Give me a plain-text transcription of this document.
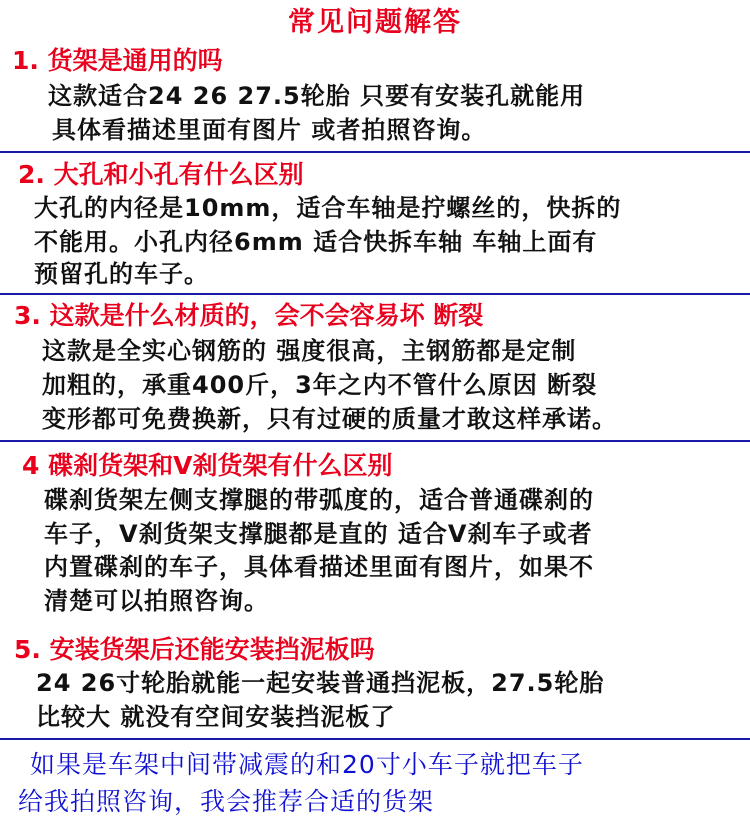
常见问题解答
1. 货架是通用的吗
这款适合24 26 27.5轮胎 只要有安装孔就能用
具体看描述里面有图片 或者拍照咨询。
2. 大孔和小孔有什么区别
大孔的内径是10mm，适合车轴是拧螺丝的，快拆的
不能用。小孔内径6mm 适合快拆车轴 车轴上面有
预留孔的车子。
3. 这款是什么材质的，会不会容易坏 断裂
这款是全实心钢筋的 强度很高，主钢筋都是定制
加粗的，承重400斤，3年之内不管什么原因 断裂
变形都可免费换新，只有过硬的质量才敢这样承诺。
4 碟刹货架和V刹货架有什么区别
碟刹货架左侧支撑腿的带弧度的，适合普通碟刹的
车子，V刹货架支撑腿都是直的 适合V刹车子或者
内置碟刹的车子，具体看描述里面有图片，如果不
清楚可以拍照咨询。
5. 安装货架后还能安装挡泥板吗
24 26寸轮胎就能一起安装普通挡泥板，27.5轮胎
比较大 就没有空间安装挡泥板了
如果是车架中间带减震的和20寸小车子就把车子
给我拍照咨询，我会推荐合适的货架
